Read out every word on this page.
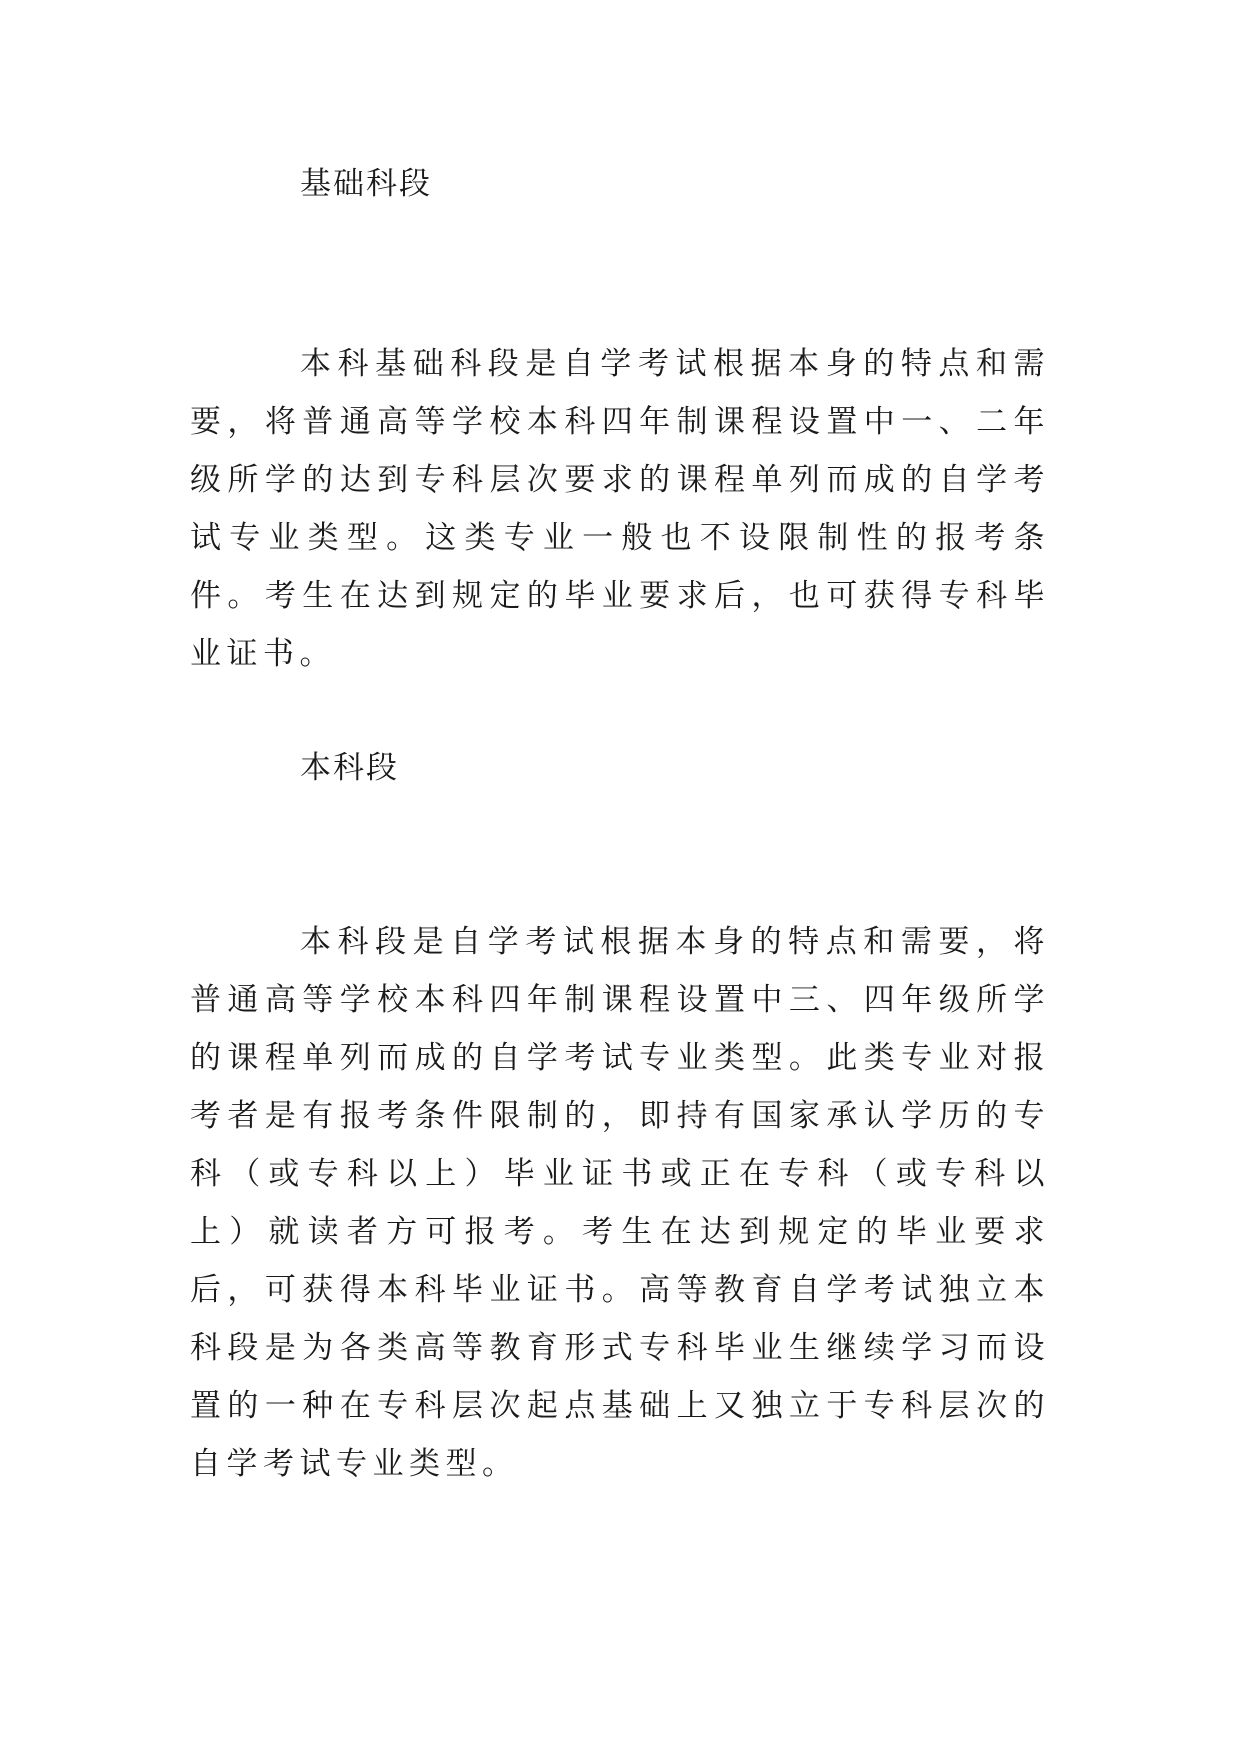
基础科段

本科基础科段是自学考试根据本身的特点和需要，将普通高等学校本科四年制课程设置中一、二年级所学的达到专科层次要求的课程单列而成的自学考试专业类型。这类专业一般也不设限制性的报考条件。考生在达到规定的毕业要求后，也可获得专科毕业证书。

本科段

本科段是自学考试根据本身的特点和需要，将普通高等学校本科四年制课程设置中三、四年级所学的课程单列而成的自学考试专业类型。此类专业对报考者是有报考条件限制的，即持有国家承认学历的专科（或专科以上）毕业证书或正在专科（或专科以上）就读者方可报考。考生在达到规定的毕业要求后，可获得本科毕业证书。高等教育自学考试独立本科段是为各类高等教育形式专科毕业生继续学习而设置的一种在专科层次起点基础上又独立于专科层次的自学考试专业类型。
